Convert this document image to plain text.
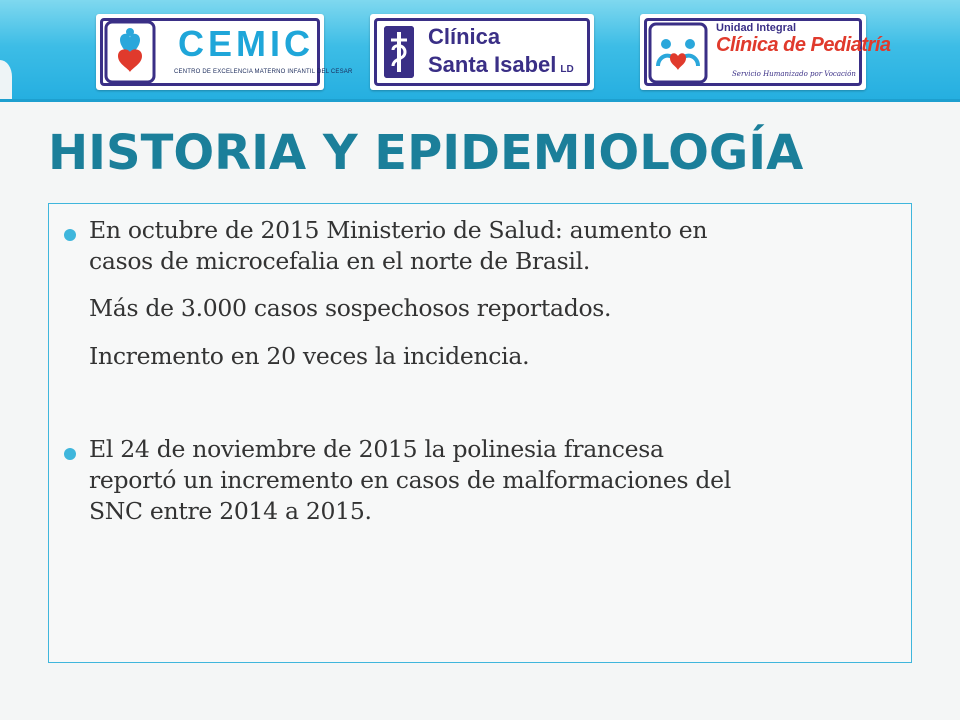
CEMIC
CENTRO DE EXCELENCIA MATERNO INFANTIL DEL CESAR
Clínica
Santa Isabel LD
Unidad Integral
Clínica de Pediatría
Servicio Humanizado por Vocación
HISTORIA Y EPIDEMIOLOGÍA
En octubre de 2015 Ministerio de Salud: aumento en
casos de microcefalia en el norte de Brasil.
Más de 3.000 casos sospechosos reportados.
Incremento en 20 veces la incidencia.
El 24 de noviembre de 2015 la polinesia francesa
reportó un incremento en casos de malformaciones del
SNC entre 2014 a 2015.
